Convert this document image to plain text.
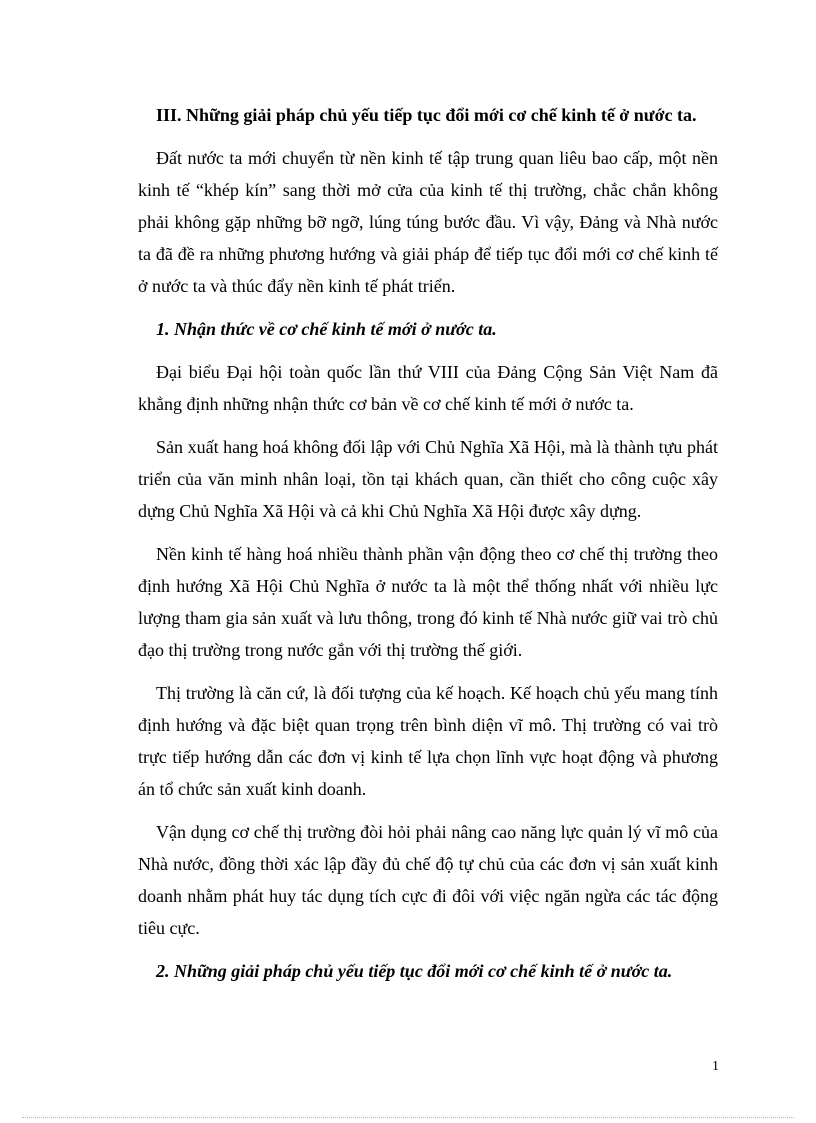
III. Những giải pháp chủ yếu tiếp tục đổi mới cơ chế kinh tế ở nước ta.

Đất nước ta mới chuyển từ nền kinh tế tập trung quan liêu bao cấp, một nền kinh tế “khép kín” sang thời mở cửa của kinh tế thị trường, chắc chắn không phải không gặp những bỡ ngỡ, lúng túng bước đầu. Vì vậy, Đảng và Nhà nước ta đã đề ra những phương hướng và giải pháp để tiếp tục đổi mới cơ chế kinh tế ở nước ta và thúc đẩy nền kinh tế phát triển.

1. Nhận thức về cơ chế kinh tế mới ở nước ta.

Đại biểu Đại hội toàn quốc lần thứ VIII của Đảng Cộng Sản Việt Nam đã khẳng định những nhận thức cơ bản về cơ chế kinh tế mới ở nước ta.

Sản xuất hang hoá không đối lập với Chủ Nghĩa Xã Hội, mà là thành tựu phát triển của văn minh nhân loại, tồn tại khách quan, cần thiết cho công cuộc xây dựng Chủ Nghĩa Xã Hội và cả khi Chủ Nghĩa Xã Hội được xây dựng.

Nền kinh tế hàng hoá nhiều thành phần vận động theo cơ chế thị trường theo định hướng Xã Hội Chủ Nghĩa ở nước ta là một thể thống nhất với nhiều lực lượng tham gia sản xuất và lưu thông, trong đó kinh tế Nhà nước giữ vai trò chủ đạo thị trường trong nước gắn với thị trường thế giới.

Thị trường là căn cứ, là đối tượng của kế hoạch. Kế hoạch chủ yếu mang tính định hướng và đặc biệt quan trọng trên bình diện vĩ mô. Thị trường có vai trò trực tiếp hướng dẫn các đơn vị kinh tế lựa chọn lĩnh vực hoạt động và phương án tổ chức sản xuất kinh doanh.

Vận dụng cơ chế thị trường đòi hỏi phải nâng cao năng lực quản lý vĩ mô của Nhà nước, đồng thời xác lập đầy đủ chế độ tự chủ của các đơn vị sản xuất kinh doanh nhằm phát huy tác dụng tích cực đi đôi với việc ngăn ngừa các tác động tiêu cực.

2. Những giải pháp chủ yếu tiếp tục đổi mới cơ chế kinh tế ở nước ta.

1
